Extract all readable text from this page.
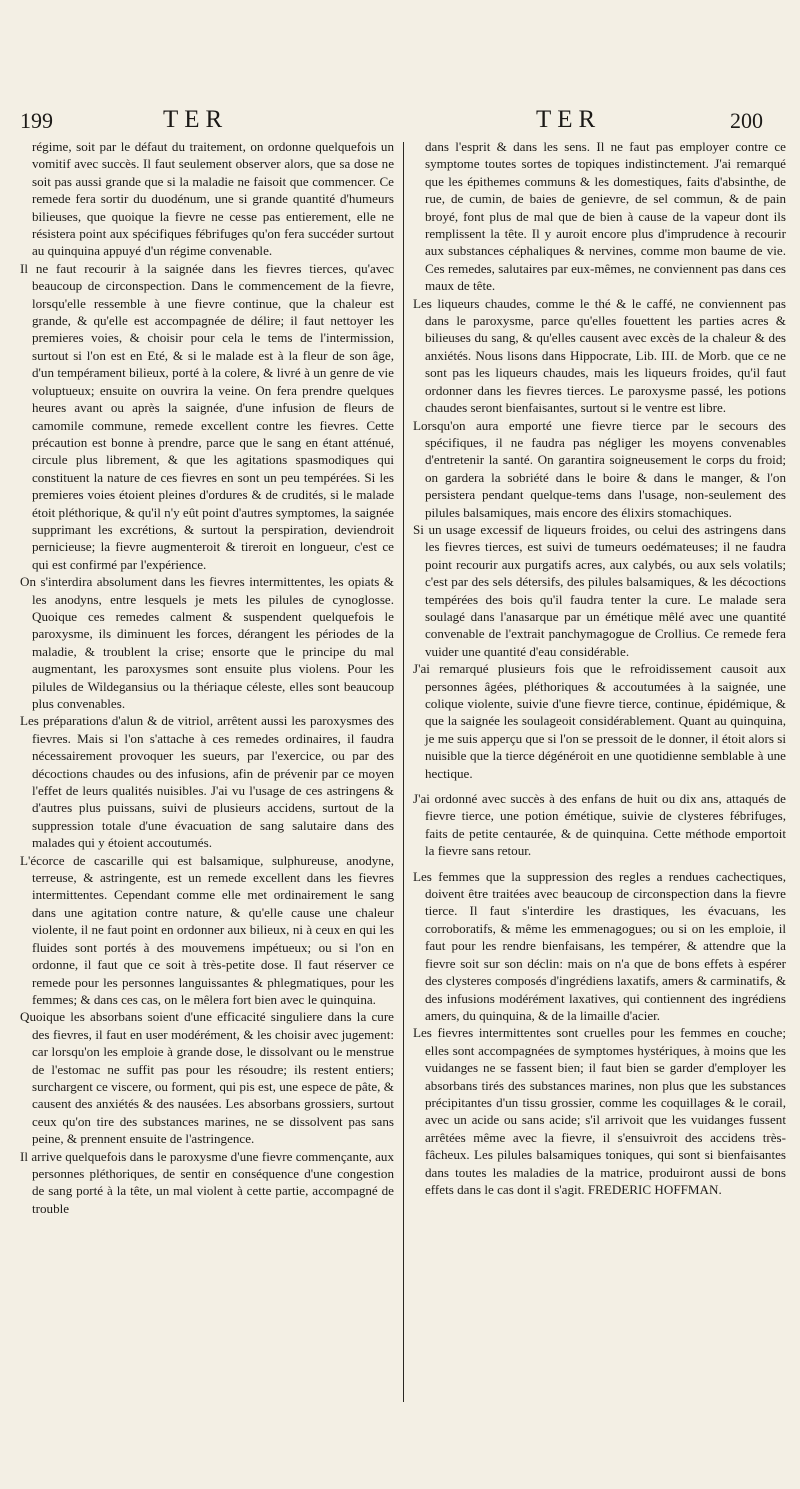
199	TER	TER	200

régime, soit par le défaut du traitement, on ordonne quelquefois un vomitif avec succès. Il faut seulement observer alors, que sa dose ne soit pas aussi grande que si la maladie ne faisoit que commencer. Ce remede fera sortir du duodénum, une si grande quantité d'humeurs bilieuses, que quoique la fievre ne cesse pas entierement, elle ne résistera point aux spécifiques fébrifuges qu'on fera succéder surtout au quinquina appuyé d'un régime convenable.

Il ne faut recourir à la saignée dans les fievres tierces, qu'avec beaucoup de circonspection. Dans le commencement de la fievre, lorsqu'elle ressemble à une fievre continue, que la chaleur est grande, & qu'elle est accompagnée de délire; il faut nettoyer les premieres voies, & choisir pour cela le tems de l'intermission, surtout si l'on est en Eté, & si le malade est à la fleur de son âge, d'un tempérament bilieux, porté à la colere, & livré à un genre de vie voluptueux; ensuite on ouvrira la veine. On fera prendre quelques heures avant ou après la saignée, d'une infusion de fleurs de camomile commune, remede excellent contre les fievres. Cette précaution est bonne à prendre, parce que le sang en étant atténué, circule plus librement, & que les agitations spasmodiques qui constituent la nature de ces fievres en sont un peu tempérées. Si les premieres voies étoient pleines d'ordures & de crudités, si le malade étoit pléthorique, & qu'il n'y eût point d'autres symptomes, la saignée supprimant les excrétions, & surtout la perspiration, deviendroit pernicieuse; la fievre augmenteroit & tireroit en longueur, c'est ce qui est confirmé par l'expérience.

On s'interdira absolument dans les fievres intermittentes, les opiats & les anodyns, entre lesquels je mets les pilules de cynoglosse. Quoique ces remedes calment & suspendent quelquefois le paroxysme, ils diminuent les forces, dérangent les périodes de la maladie, & troublent la crise; ensorte que le principe du mal augmentant, les paroxysmes sont ensuite plus violens. Pour les pilules de Wildegansius ou la thériaque céleste, elles sont beaucoup plus convenables.

Les préparations d'alun & de vitriol, arrêtent aussi les paroxysmes des fievres. Mais si l'on s'attache à ces remedes ordinaires, il faudra nécessairement provoquer les sueurs, par l'exercice, ou par des décoctions chaudes ou des infusions, afin de prévenir par ce moyen l'effet de leurs qualités nuisibles. J'ai vu l'usage de ces astringens & d'autres plus puissans, suivi de plusieurs accidens, surtout de la suppression totale d'une évacuation de sang salutaire dans des malades qui y étoient accoutumés.

L'écorce de cascarille qui est balsamique, sulphureuse, anodyne, terreuse, & astringente, est un remede excellent dans les fievres intermittentes. Cependant comme elle met ordinairement le sang dans une agitation contre nature, & qu'elle cause une chaleur violente, il ne faut point en ordonner aux bilieux, ni à ceux en qui les fluides sont portés à des mouvemens impétueux; ou si l'on en ordonne, il faut que ce soit à très-petite dose. Il faut réserver ce remede pour les personnes languissantes & phlegmatiques, pour les femmes; & dans ces cas, on le mêlera fort bien avec le quinquina.

Quoique les absorbans soient d'une efficacité singuliere dans la cure des fievres, il faut en user modérément, & les choisir avec jugement: car lorsqu'on les emploie à grande dose, le dissolvant ou le menstrue de l'estomac ne suffit pas pour les résoudre; ils restent entiers; surchargent ce viscere, ou forment, qui pis est, une espece de pâte, & causent des anxiétés & des nausées. Les absorbans grossiers, surtout ceux qu'on tire des substances marines, ne se dissolvent pas sans peine, & prennent ensuite de l'astringence.

Il arrive quelquefois dans le paroxysme d'une fievre commençante, aux personnes pléthoriques, de sentir en conséquence d'une congestion de sang porté à la tête, un mal violent à cette partie, accompagné de trouble

dans l'esprit & dans les sens. Il ne faut pas employer contre ce symptome toutes sortes de topiques indistinctement. J'ai remarqué que les épithemes communs & les domestiques, faits d'absinthe, de rue, de cumin, de baies de genievre, de sel commun, & de pain broyé, font plus de mal que de bien à cause de la vapeur dont ils remplissent la tête. Il y auroit encore plus d'imprudence à recourir aux substances céphaliques & nervines, comme mon baume de vie. Ces remedes, salutaires par eux-mêmes, ne conviennent pas dans ces maux de tête.

Les liqueurs chaudes, comme le thé & le caffé, ne conviennent pas dans le paroxysme, parce qu'elles fouettent les parties acres & bilieuses du sang, & qu'elles causent avec excès de la chaleur & des anxiétés. Nous lisons dans Hippocrate, Lib. III. de Morb. que ce ne sont pas les liqueurs chaudes, mais les liqueurs froides, qu'il faut ordonner dans les fievres tierces. Le paroxysme passé, les potions chaudes seront bienfaisantes, surtout si le ventre est libre.

Lorsqu'on aura emporté une fievre tierce par le secours des spécifiques, il ne faudra pas négliger les moyens convenables d'entretenir la santé. On garantira soigneusement le corps du froid; on gardera la sobriété dans le boire & dans le manger, & l'on persistera pendant quelque-tems dans l'usage, non-seulement des pilules balsamiques, mais encore des élixirs stomachiques.

Si un usage excessif de liqueurs froides, ou celui des astringens dans les fievres tierces, est suivi de tumeurs oedémateuses; il ne faudra point recourir aux purgatifs acres, aux calybés, ou aux sels volatils; c'est par des sels détersifs, des pilules balsamiques, & les décoctions tempérées des bois qu'il faudra tenter la cure. Le malade sera soulagé dans l'anasarque par un émétique mêlé avec une quantité convenable de l'extrait panchymagogue de Crollius. Ce remede fera vuider une quantité d'eau considérable.

J'ai remarqué plusieurs fois que le refroidissement causoit aux personnes âgées, pléthoriques & accoutumées à la saignée, une colique violente, suivie d'une fievre tierce, continue, épidémique, & que la saignée les soulageoit considérablement. Quant au quinquina, je me suis apperçu que si l'on se pressoit de le donner, il étoit alors si nuisible que la tierce dégénéroit en une quotidienne semblable à une hectique.

J'ai ordonné avec succès à des enfans de huit ou dix ans, attaqués de fievre tierce, une potion émétique, suivie de clysteres fébrifuges, faits de petite centaurée, & de quinquina. Cette méthode emportoit la fievre sans retour.

Les femmes que la suppression des regles a rendues cachectiques, doivent être traitées avec beaucoup de circonspection dans la fievre tierce. Il faut s'interdire les drastiques, les évacuans, les corroboratifs, & même les emmenagogues; ou si on les emploie, il faut pour les rendre bienfaisans, les tempérer, & attendre que la fievre soit sur son déclin: mais on n'a que de bons effets à espérer des clysteres composés d'ingrédiens laxatifs, amers & carminatifs, & des infusions modérément laxatives, qui contiennent des ingrédiens amers, du quinquina, & de la limaille d'acier.

Les fievres intermittentes sont cruelles pour les femmes en couche; elles sont accompagnées de symptomes hystériques, à moins que les vuidanges ne se fassent bien; il faut bien se garder d'employer les absorbans tirés des substances marines, non plus que les substances précipitantes d'un tissu grossier, comme les coquillages & le corail, avec un acide ou sans acide; s'il arrivoit que les vuidanges fussent arrêtées même avec la fievre, il s'ensuivroit des accidens très-fâcheux. Les pilules balsamiques toniques, qui sont si bienfaisantes dans toutes les maladies de la matrice, produiront aussi de bons effets dans le cas dont il s'agit. FREDERIC HOFFMAN.
